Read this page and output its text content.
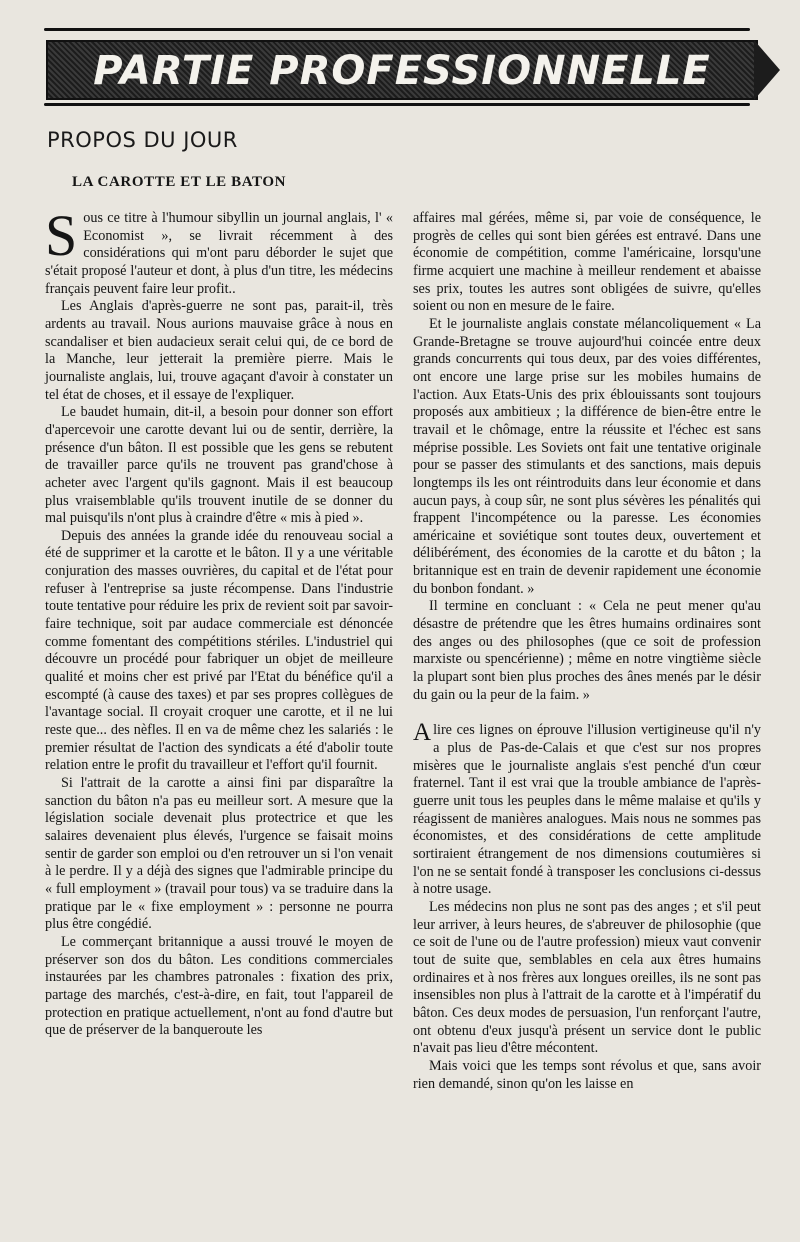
PARTIE PROFESSIONNELLE
PROPOS DU JOUR
LA CAROTTE ET LE BATON

Sous ce titre à l'humour sibyllin un journal anglais, l' « Economist », se livrait récemment à des considérations qui m'ont paru déborder le sujet que s'était proposé l'auteur et dont, à plus d'un titre, les médecins français peuvent faire leur profit..

Les Anglais d'après-guerre ne sont pas, parait-il, très ardents au travail. Nous aurions mauvaise grâce à nous en scandaliser et bien audacieux serait celui qui, de ce bord de la Manche, leur jetterait la première pierre. Mais le journaliste anglais, lui, trouve agaçant d'avoir à constater un tel état de choses, et il essaye de l'expliquer.

Le baudet humain, dit-il, a besoin pour donner son effort d'apercevoir une carotte devant lui ou de sentir, derrière, la présence d'un bâton. Il est possible que les gens se rebutent de travailler parce qu'ils ne trouvent pas grand'chose à acheter avec l'argent qu'ils gagnont. Mais il est beaucoup plus vraisemblable qu'ils trouvent inutile de se donner du mal puisqu'ils n'ont plus à craindre d'être « mis à pied ».

Depuis des années la grande idée du renouveau social a été de supprimer et la carotte et le bâton. Il y a une véritable conjuration des masses ouvrières, du capital et de l'état pour refuser à l'entreprise sa juste récompense. Dans l'industrie toute tentative pour réduire les prix de revient soit par savoir-faire technique, soit par audace commerciale est dénoncée comme fomentant des compétitions stériles. L'industriel qui découvre un procédé pour fabriquer un objet de meilleure qualité et moins cher est privé par l'Etat du bénéfice qu'il a escompté (à cause des taxes) et par ses propres collègues de l'avantage social. Il croyait croquer une carotte, et il ne lui reste que... des nèfles. Il en va de même chez les salariés : le premier résultat de l'action des syndicats a été d'abolir toute relation entre le profit du travailleur et l'effort qu'il fournit.

Si l'attrait de la carotte a ainsi fini par disparaître la sanction du bâton n'a pas eu meilleur sort. A mesure que la législation sociale devenait plus protectrice et que les salaires devenaient plus élevés, l'urgence se faisait moins sentir de garder son emploi ou d'en retrouver un si l'on venait à le perdre. Il y a déjà des signes que l'admirable principe du « full employment » (travail pour tous) va se traduire dans la pratique par le « fixe employment » : personne ne pourra plus être congédié.

Le commerçant britannique a aussi trouvé le moyen de préserver son dos du bâton. Les conditions commerciales instaurées par les chambres patronales : fixation des prix, partage des marchés, c'est-à-dire, en fait, tout l'appareil de protection en pratique actuellement, n'ont au fond d'autre but que de préserver de la banqueroute les

affaires mal gérées, même si, par voie de conséquence, le progrès de celles qui sont bien gérées est entravé. Dans une économie de compétition, comme l'américaine, lorsqu'une firme acquiert une machine à meilleur rendement et abaisse ses prix, toutes les autres sont obligées de suivre, qu'elles soient ou non en mesure de le faire.

Et le journaliste anglais constate mélancoliquement « La Grande-Bretagne se trouve aujourd'hui coincée entre deux grands concurrents qui tous deux, par des voies différentes, ont encore une large prise sur les mobiles humains de l'action. Aux Etats-Unis des prix éblouissants sont toujours proposés aux ambitieux ; la différence de bien-être entre le travail et le chômage, entre la réussite et l'échec est sans méprise possible. Les Soviets ont fait une tentative originale pour se passer des stimulants et des sanctions, mais depuis longtemps ils les ont réintroduits dans leur économie et dans aucun pays, à coup sûr, ne sont plus sévères les pénalités qui frappent l'incompétence ou la paresse. Les économies américaine et soviétique sont toutes deux, ouvertement et délibérément, des économies de la carotte et du bâton ; la britannique est en train de devenir rapidement une économie du bonbon fondant. »

Il termine en concluant : « Cela ne peut mener qu'au désastre de prétendre que les êtres humains ordinaires sont des anges ou des philosophes (que ce soit de profession marxiste ou spencérienne) ; même en notre vingtième siècle la plupart sont bien plus proches des ânes menés par le désir du gain ou la peur de la faim. »

Alire ces lignes on éprouve l'illusion vertigineuse qu'il n'y a plus de Pas-de-Calais et que c'est sur nos propres misères que le journaliste anglais s'est penché d'un cœur fraternel. Tant il est vrai que la trouble ambiance de l'après-guerre unit tous les peuples dans le même malaise et qu'ils y réagissent de manières analogues. Mais nous ne sommes pas économistes, et des considérations de cette amplitude sortiraient étrangement de nos dimensions coutumières si l'on ne se sentait fondé à transposer les conclusions ci-dessus à notre usage.

Les médecins non plus ne sont pas des anges ; et s'il peut leur arriver, à leurs heures, de s'abreuver de philosophie (que ce soit de l'une ou de l'autre profession) mieux vaut convenir tout de suite que, semblables en cela aux êtres humains ordinaires et à nos frères aux longues oreilles, ils ne sont pas insensibles non plus à l'attrait de la carotte et à l'impératif du bâton. Ces deux modes de persuasion, l'un renforçant l'autre, ont obtenu d'eux jusqu'à présent un service dont le public n'avait pas lieu d'être mécontent.

Mais voici que les temps sont révolus et que, sans avoir rien demandé, sinon qu'on les laisse en
